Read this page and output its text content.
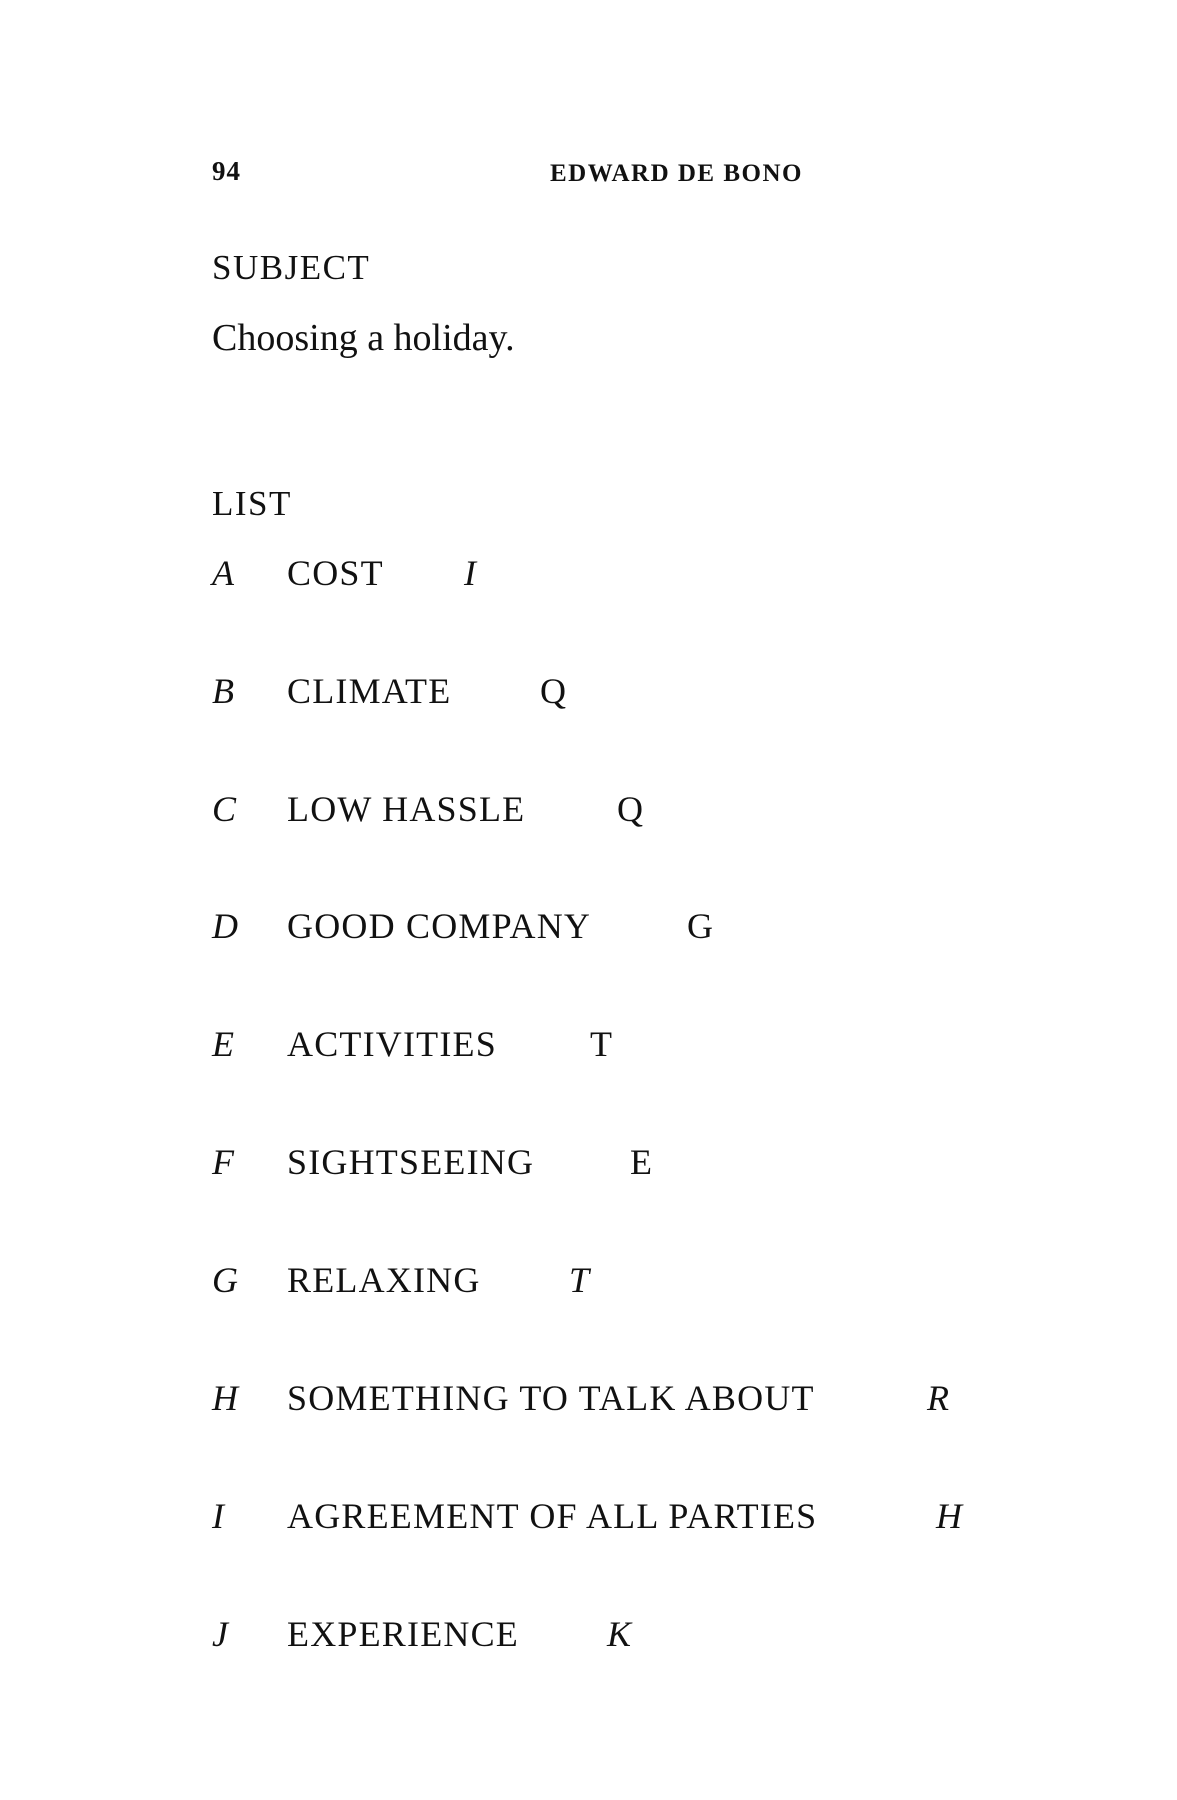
94	EDWARD DE BONO
SUBJECT
Choosing a holiday.
LIST
A COST I
B CLIMATE Q
C LOW HASSLE	Q
D GOOD COMPANY	G
E ACTIVITIES	T
F SIGHTSEEING	E
G RELAXING T
H SOMETHING TO TALK ABOUT	R
I AGREEMENT OF ALL PARTIES	H
J EXPERIENCE K
